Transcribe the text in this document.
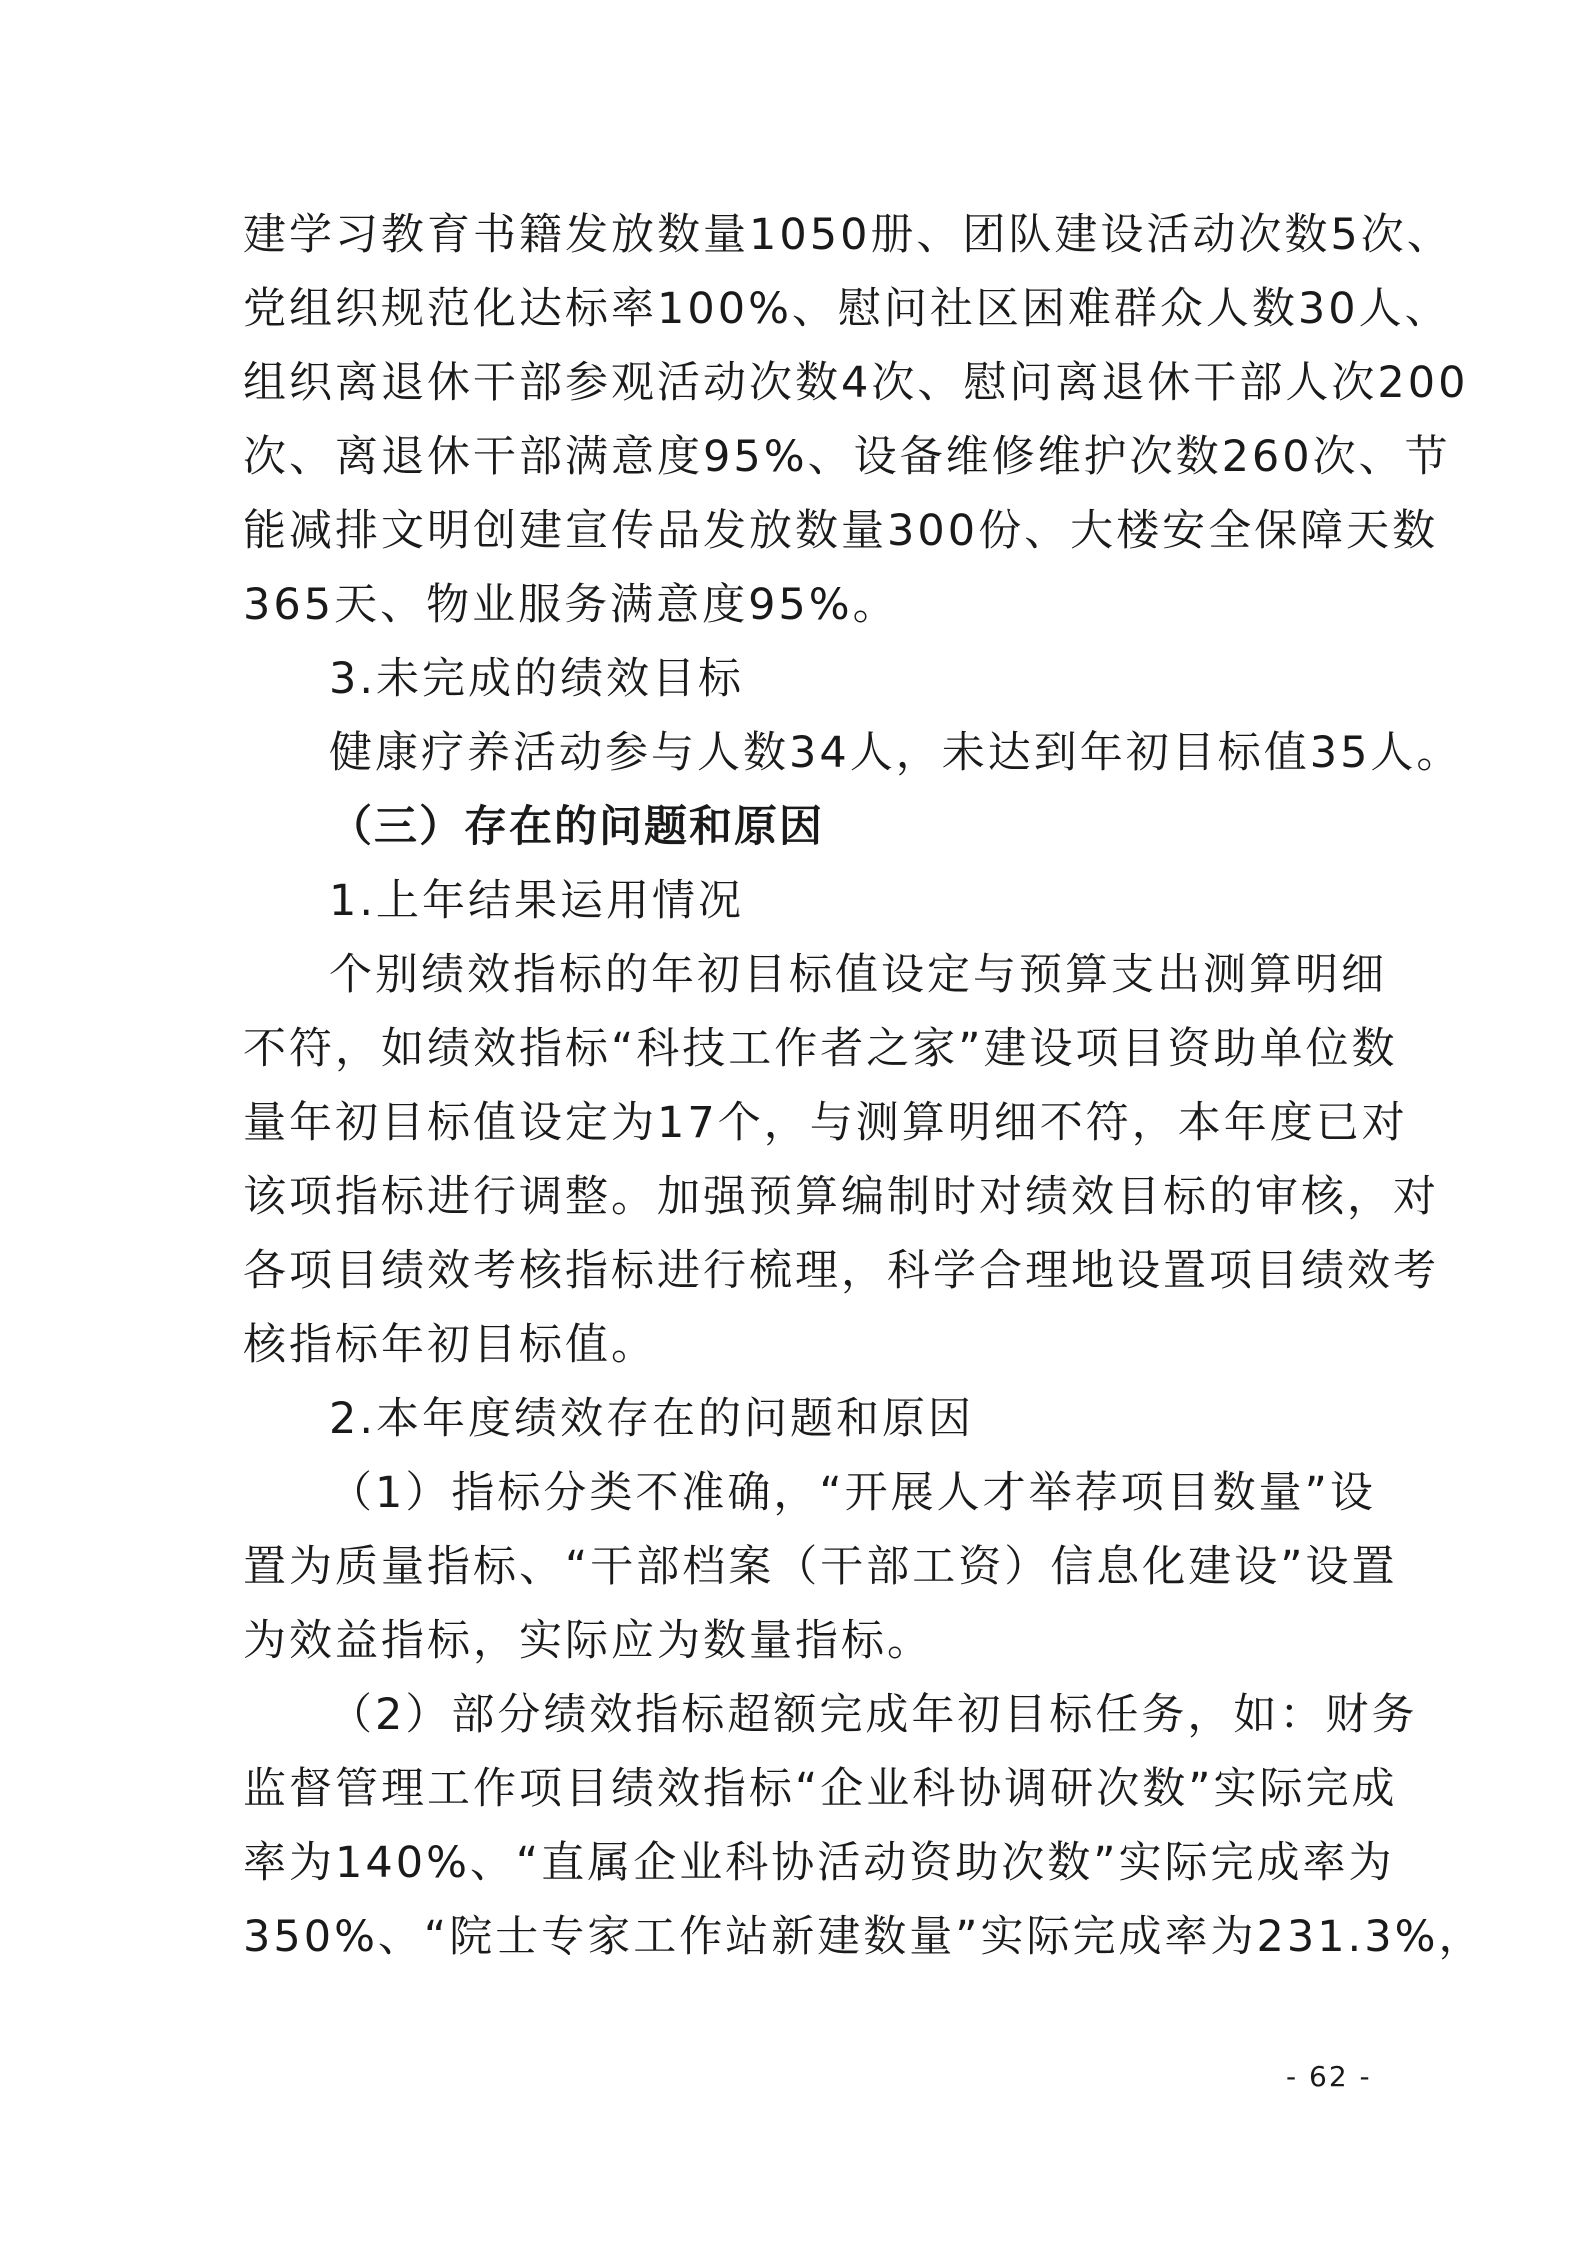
建学习教育书籍发放数量1050册、团队建设活动次数5次、
党组织规范化达标率100%、慰问社区困难群众人数30人、
组织离退休干部参观活动次数4次、慰问离退休干部人次200
次、离退休干部满意度95%、设备维修维护次数260次、节
能减排文明创建宣传品发放数量300份、大楼安全保障天数
365天、物业服务满意度95%。
3.未完成的绩效目标
健康疗养活动参与人数34人，未达到年初目标值35人。
（三）存在的问题和原因
1.上年结果运用情况
个别绩效指标的年初目标值设定与预算支出测算明细
不符，如绩效指标“科技工作者之家”建设项目资助单位数
量年初目标值设定为17个，与测算明细不符，本年度已对
该项指标进行调整。加强预算编制时对绩效目标的审核，对
各项目绩效考核指标进行梳理，科学合理地设置项目绩效考
核指标年初目标值。
2.本年度绩效存在的问题和原因
（1）指标分类不准确，“开展人才举荐项目数量”设
置为质量指标、“干部档案（干部工资）信息化建设”设置
为效益指标，实际应为数量指标。
（2）部分绩效指标超额完成年初目标任务，如：财务
监督管理工作项目绩效指标“企业科协调研次数”实际完成
率为140%、“直属企业科协活动资助次数”实际完成率为
350%、“院士专家工作站新建数量”实际完成率为231.3%，
- 62 -
